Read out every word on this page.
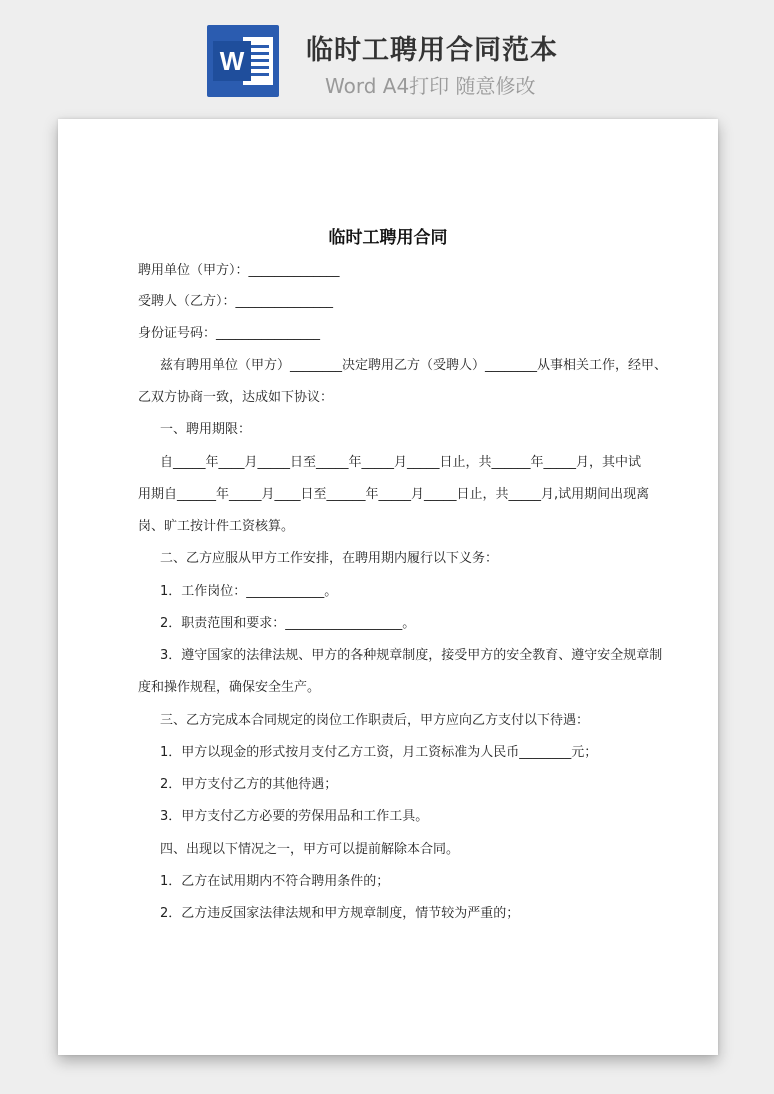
W 临时工聘用合同范本
Word A4打印 随意修改
临时工聘用合同
聘用单位（甲方）：______________
受聘人（乙方）：_______________
身份证号码：________________
兹有聘用单位（甲方）________决定聘用乙方（受聘人）________从事相关工作，经甲、
乙双方协商一致，达成如下协议：
一、聘用期限：
自_____年____月_____日至_____年_____月_____日止，共______年_____月，其中试
用期自______年_____月____日至______年_____月_____日止，共_____月,试用期间出现离
岗、旷工按计件工资核算。
二、乙方应服从甲方工作安排，在聘用期内履行以下义务：
1．工作岗位：____________。
2．职责范围和要求：__________________。
3．遵守国家的法律法规、甲方的各种规章制度，接受甲方的安全教育、遵守安全规章制
度和操作规程，确保安全生产。
三、乙方完成本合同规定的岗位工作职责后，甲方应向乙方支付以下待遇：
1．甲方以现金的形式按月支付乙方工资，月工资标准为人民币________元；
2．甲方支付乙方的其他待遇；
3．甲方支付乙方必要的劳保用品和工作工具。
四、出现以下情况之一，甲方可以提前解除本合同。
1．乙方在试用期内不符合聘用条件的；
2．乙方违反国家法律法规和甲方规章制度，情节较为严重的；
